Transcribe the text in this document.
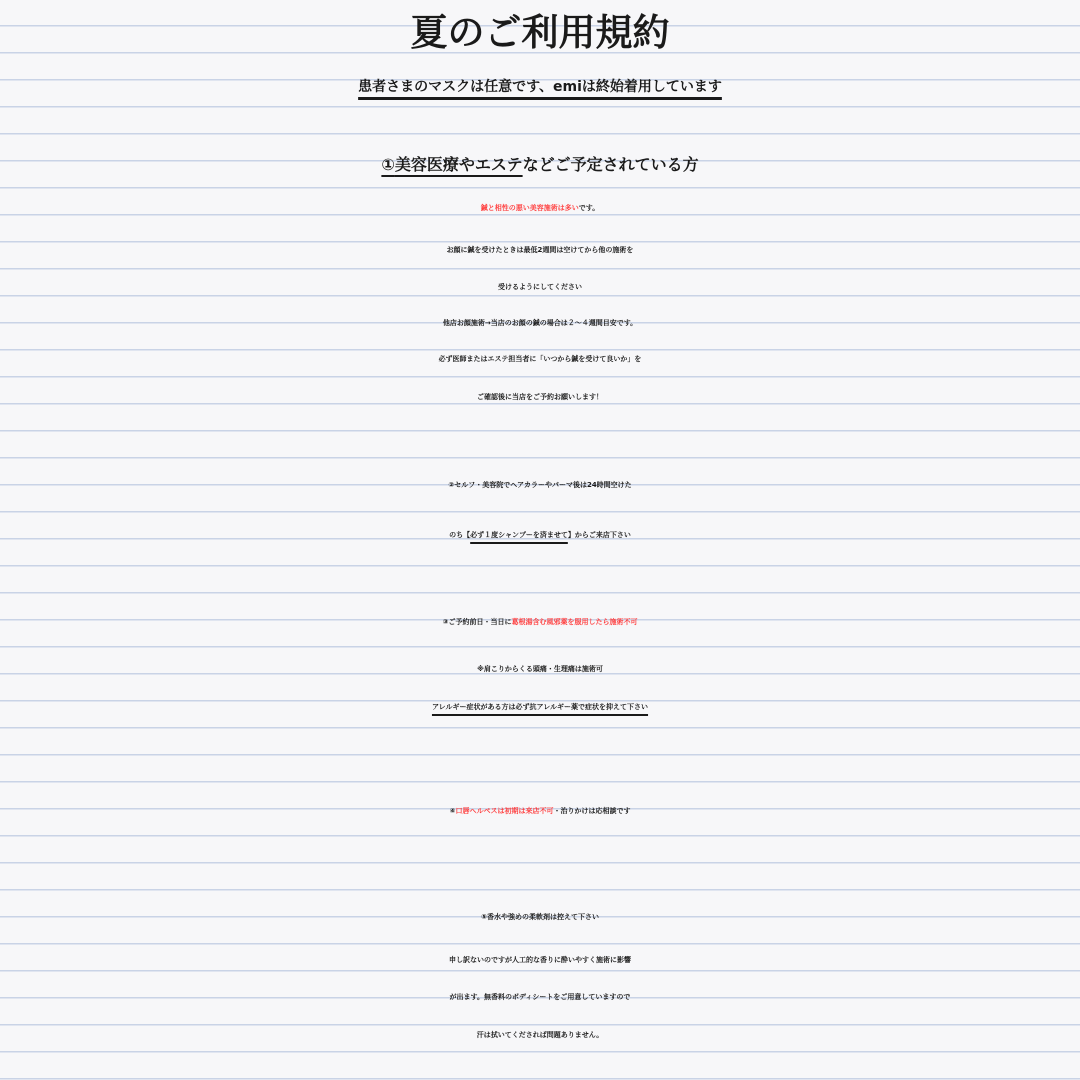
夏のご利用規約
患者さまのマスクは任意です、emiは終始着用しています
①美容医療やエステなどご予定されている方
鍼と相性の悪い美容施術は多いです。
お顔に鍼を受けたときは最低2週間は空けてから他の施術を
受けるようにしてください
他店お顔施術→当店のお顔の鍼の場合は２～４週間目安です。
必ず医師またはエステ担当者に「いつから鍼を受けて良いか」を
ご確認後に当店をご予約お願いします！
②セルフ・美容院でヘアカラーやパーマ後は24時間空けた
のち【必ず１度シャンプーを済ませて】からご来店下さい
③ご予約前日・当日に葛根湯含む風邪薬を服用したら施術不可
※肩こりからくる頭痛・生理痛は施術可
アレルギー症状がある方は必ず抗アレルギー薬で症状を抑えて下さい
④口唇ヘルペスは初期は来店不可・治りかけは応相談です
⑤香水や強めの柔軟剤は控えて下さい
申し訳ないのですが人工的な香りに酔いやすく施術に影響
が出ます。無香料のボディシートをご用意していますので
汗は拭いてくだされば問題ありません。
